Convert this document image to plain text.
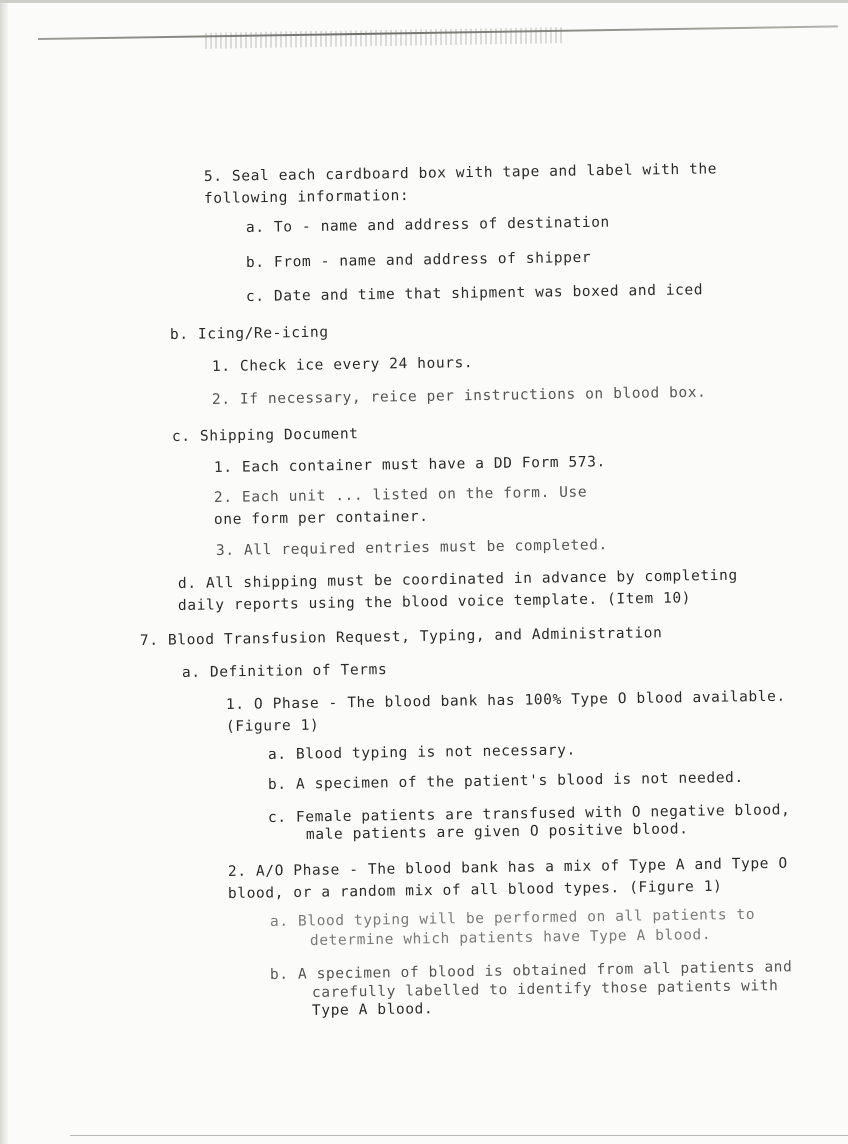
5. Seal each cardboard box with tape and label with the
following information:
a. To - name and address of destination
b. From - name and address of shipper
c. Date and time that shipment was boxed and iced
b. Icing/Re-icing
1. Check ice every 24 hours.
2. If necessary, reice per instructions on blood box.
c. Shipping Document
1. Each container must have a DD Form 573.
2. Each unit ... listed on the form. Use
one form per container.
3. All required entries must be completed.
d. All shipping must be coordinated in advance by completing
daily reports using the blood voice template. (Item 10)
7. Blood Transfusion Request, Typing, and Administration
a. Definition of Terms
1. O Phase - The blood bank has 100% Type O blood available.
(Figure 1)
a. Blood typing is not necessary.
b. A specimen of the patient's blood is not needed.
c. Female patients are transfused with O negative blood,
male patients are given O positive blood.
2. A/O Phase - The blood bank has a mix of Type A and Type O
blood, or a random mix of all blood types. (Figure 1)
a. Blood typing will be performed on all patients to
determine which patients have Type A blood.
b. A specimen of blood is obtained from all patients and
carefully labelled to identify those patients with
Type A blood.
